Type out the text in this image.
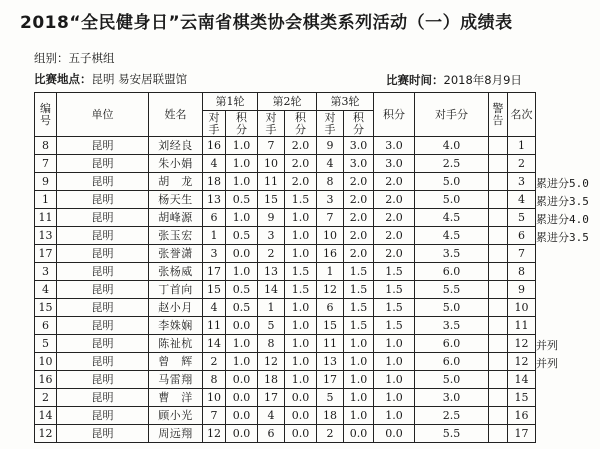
2018“全民健身日”云南省棋类协会棋类系列活动（一）成绩表
组别：五子棋组
比赛地点：昆明 易安居联盟馆	比赛时间：2018年8月9日
编号	单位	姓名	第1轮		第2轮		第3轮		积分	对手分	警告	名次
			对手	积分	对手	积分	对手	积分				
8	昆明	刘经良	16	1.0	7	2.0	9	3.0	3.0	4.0		1
7	昆明	朱小娟	4	1.0	10	2.0	4	3.0	3.0	2.5		2
9	昆明	胡　龙	18	1.0	11	2.0	8	2.0	2.0	5.0		3
1	昆明	杨天生	13	0.5	15	1.5	3	2.0	2.0	5.0		4
11	昆明	胡峰源	6	1.0	9	1.0	7	2.0	2.0	4.5		5
13	昆明	张玉宏	1	0.5	3	1.0	10	2.0	2.0	4.5		6
17	昆明	张誉潇	3	0.0	2	1.0	16	2.0	2.0	3.5		7
3	昆明	张杨威	17	1.0	13	1.5	1	1.5	1.5	6.0		8
4	昆明	丁首向	15	0.5	14	1.5	12	1.5	1.5	5.5		9
15	昆明	赵小月	4	0.5	1	1.0	6	1.5	1.5	5.0		10
6	昆明	李姝娴	11	0.0	5	1.0	15	1.5	1.5	3.5		11
5	昆明	陈祉杭	14	1.0	8	1.0	11	1.0	1.0	6.0		12
10	昆明	曾　辉	2	1.0	12	1.0	13	1.0	1.0	6.0		12
16	昆明	马雷翔	8	0.0	18	1.0	17	1.0	1.0	5.0		14
2	昆明	曹　洋	10	0.0	17	0.0	5	1.0	1.0	3.0		15
14	昆明	顾小光	7	0.0	4	0.0	18	1.0	1.0	2.5		16
12	昆明	周远翔	12	0.0	6	0.0	2	0.0	0.0	5.5		17
累进分5.0
累进分3.5
累进分4.0
累进分3.5
并列
并列
